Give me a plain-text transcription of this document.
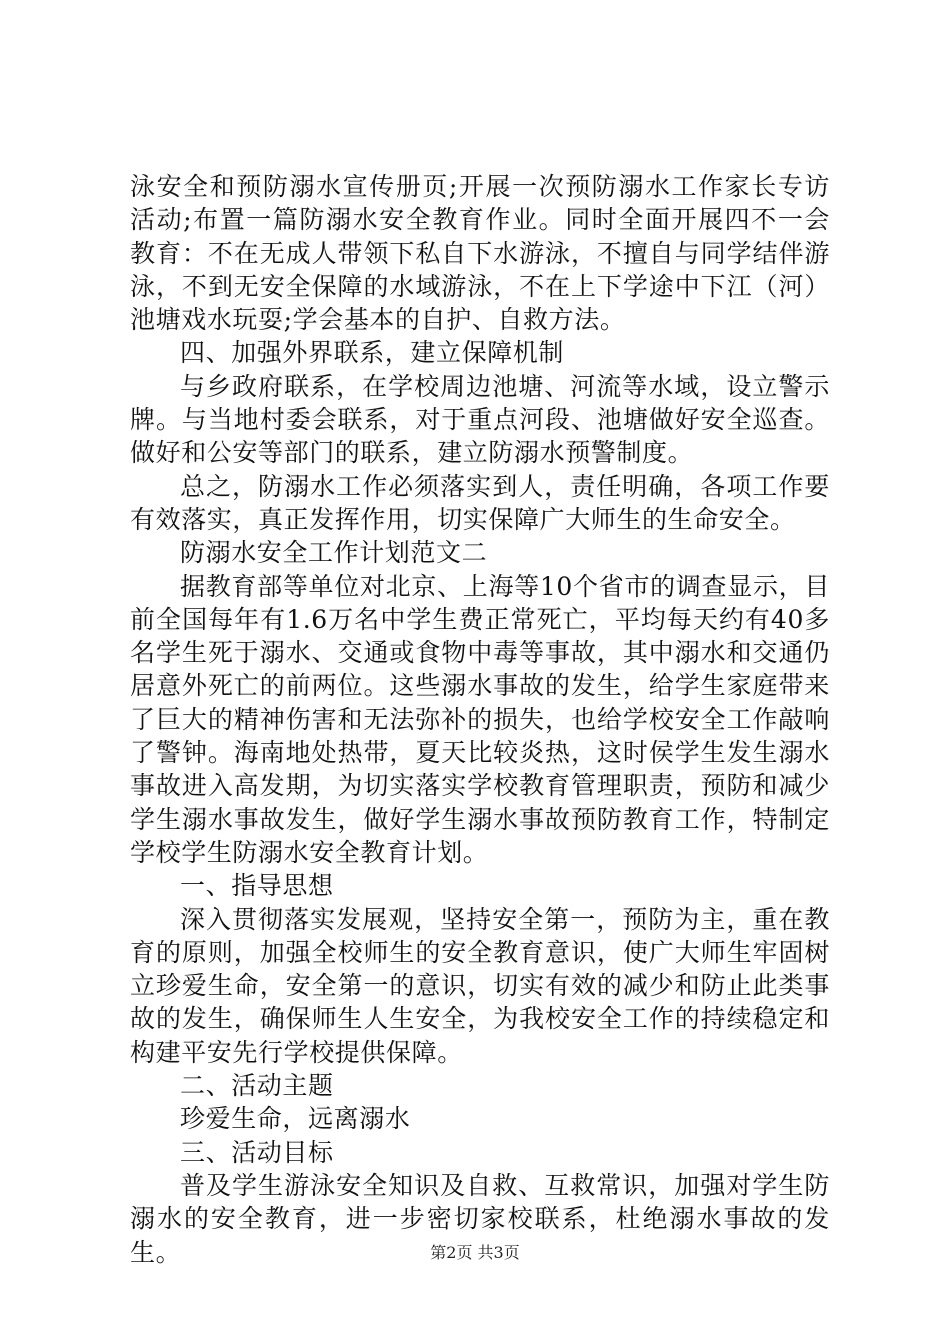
泳安全和预防溺水宣传册页;开展一次预防溺水工作家长专访活动;布置一篇防溺水安全教育作业。同时全面开展四不一会教育：不在无成人带领下私自下水游泳，不擅自与同学结伴游泳，不到无安全保障的水域游泳，不在上下学途中下江（河）池塘戏水玩耍;学会基本的自护、自救方法。

四、加强外界联系，建立保障机制

与乡政府联系，在学校周边池塘、河流等水域，设立警示牌。与当地村委会联系，对于重点河段、池塘做好安全巡查。做好和公安等部门的联系，建立防溺水预警制度。

总之，防溺水工作必须落实到人，责任明确，各项工作要有效落实，真正发挥作用，切实保障广大师生的生命安全。

防溺水安全工作计划范文二

据教育部等单位对北京、上海等10个省市的调查显示，目前全国每年有1.6万名中学生费正常死亡，平均每天约有40多名学生死于溺水、交通或食物中毒等事故，其中溺水和交通仍居意外死亡的前两位。这些溺水事故的发生，给学生家庭带来了巨大的精神伤害和无法弥补的损失，也给学校安全工作敲响了警钟。海南地处热带，夏天比较炎热，这时侯学生发生溺水事故进入高发期，为切实落实学校教育管理职责，预防和减少学生溺水事故发生，做好学生溺水事故预防教育工作，特制定学校学生防溺水安全教育计划。

一、指导思想

深入贯彻落实发展观，坚持安全第一，预防为主，重在教育的原则，加强全校师生的安全教育意识，使广大师生牢固树立珍爱生命，安全第一的意识，切实有效的减少和防止此类事故的发生，确保师生人生安全，为我校安全工作的持续稳定和构建平安先行学校提供保障。

二、活动主题

珍爱生命，远离溺水

三、活动目标

普及学生游泳安全知识及自救、互救常识，加强对学生防溺水的安全教育，进一步密切家校联系，杜绝溺水事故的发生。	第2页 共3页
